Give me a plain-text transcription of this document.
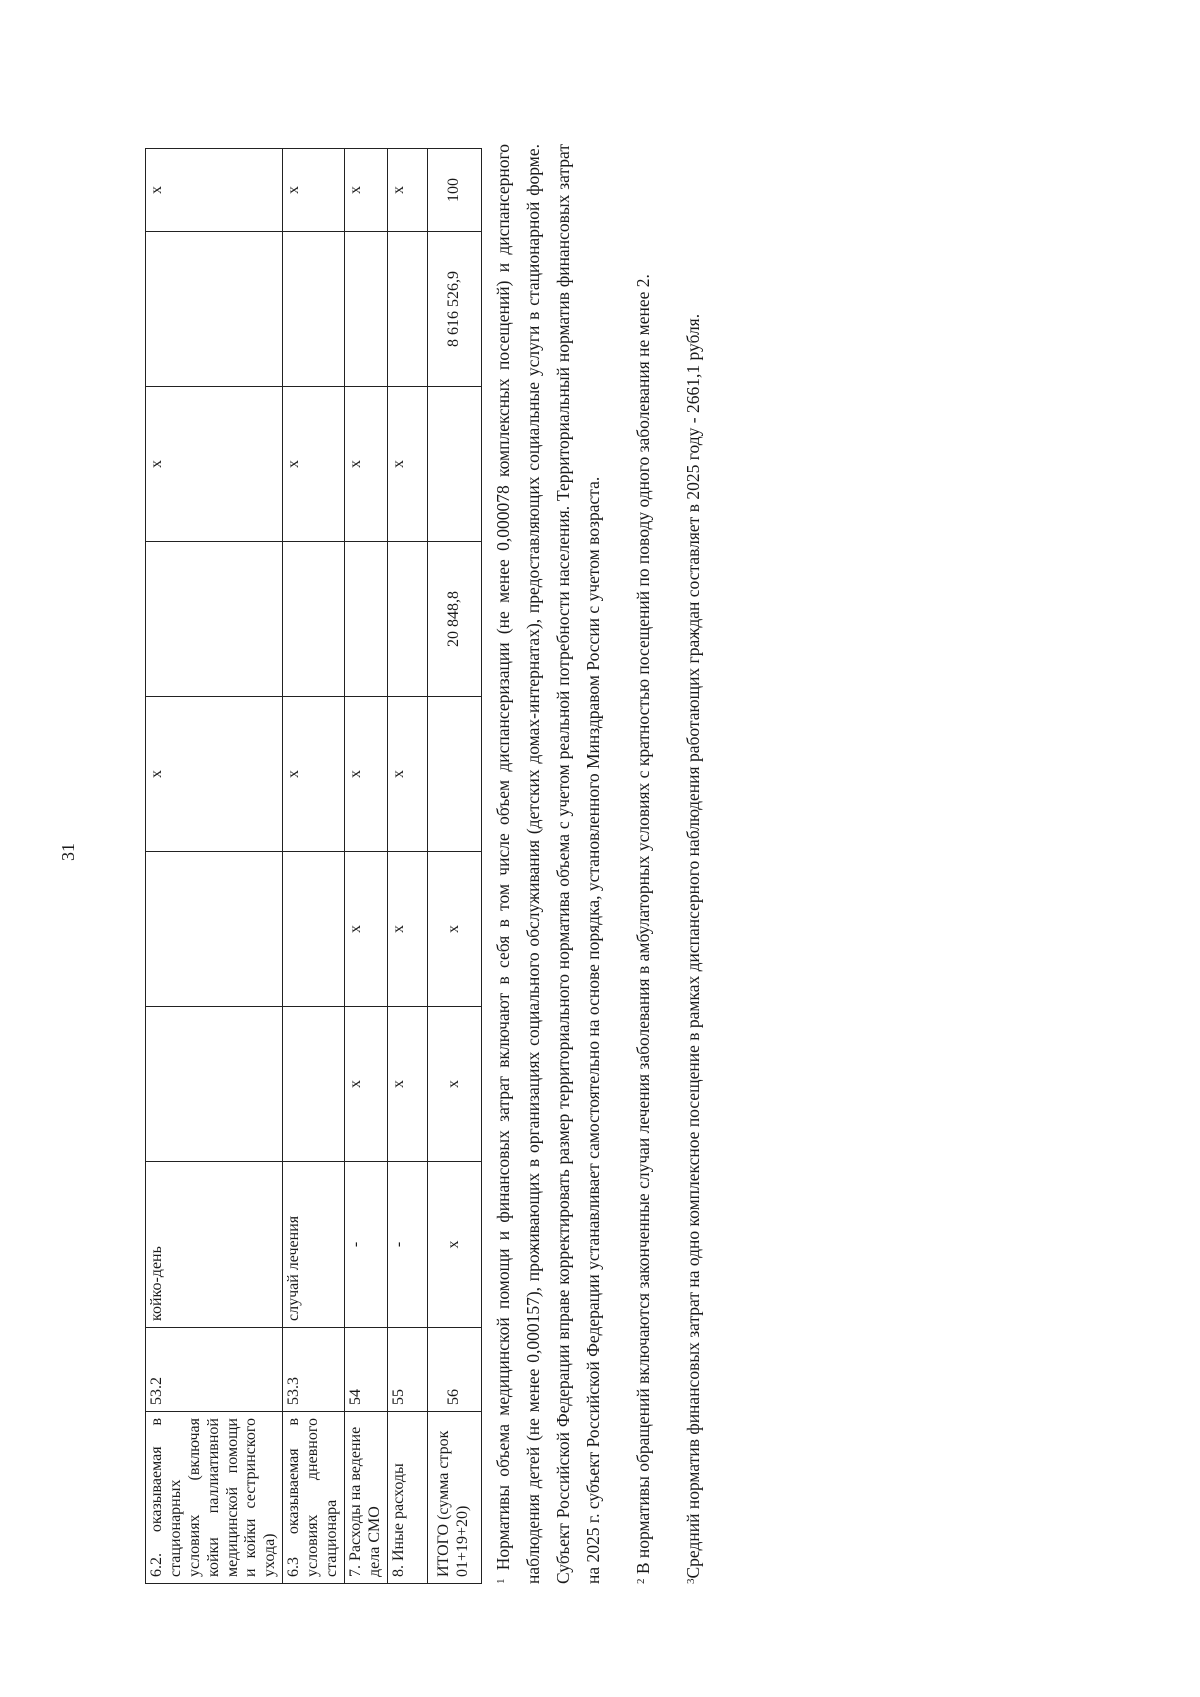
31
6.2. оказываемая в стационарных условиях (включая койки паллиативной медицинской помощи и койки сестринского ухода)	53.2	койко-день			х		х		х
6.3 оказываемая в условиях дневного стационара	53.3	случай лечения			х		х		х
7. Расходы на ведение дела СМО	54	-	х	х	х		х		х
8. Иные расходы	55	-	х	х	х		х		х
ИТОГО (сумма строк 01+19+20)	56	х	х	х		20 848,8		8 616 526,9	100

$^1$ Нормативы объема медицинской помощи и финансовых затрат включают в себя в том числе объем диспансеризации (не менее 0,000078 комплексных посещений) и диспансерного наблюдения детей (не менее 0,000157), проживающих в организациях социального обслуживания (детских домах-интернатах), предоставляющих социальные услуги в стационарной форме. Субъект Российской Федерации вправе корректировать размер территориального норматива объема с учетом реальной потребности населения. Территориальный норматив финансовых затрат на 2025 г. субъект Российской Федерации устанавливает самостоятельно на основе порядка, установленного Минздравом России с учетом возраста.	$^2$ В нормативы обращений включаются законченные случаи лечения заболевания в амбулаторных условиях с кратностью посещений по поводу одного заболевания не менее 2.

$^3$Средний норматив финансовых затрат на одно комплексное посещение в рамках диспансерного наблюдения работающих граждан составляет в 2025 году - 2661,1 рубля.
